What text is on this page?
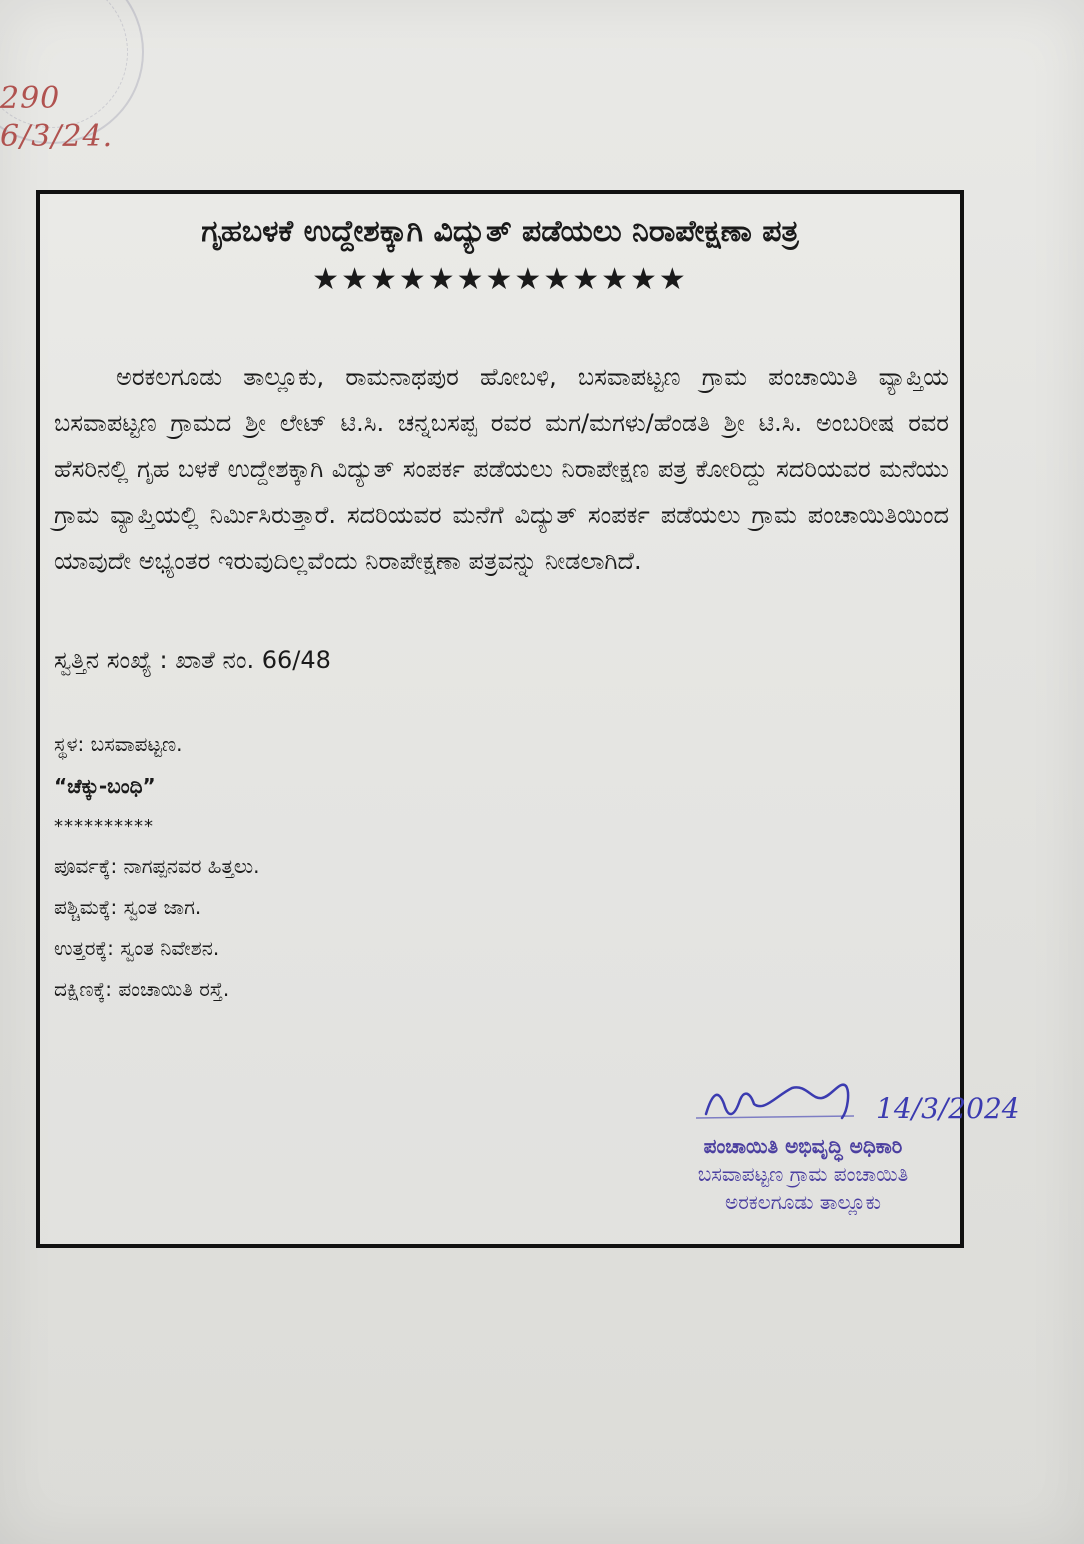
290
6/3/24.
ಗೃಹಬಳಕೆ ಉದ್ದೇಶಕ್ಕಾಗಿ ವಿದ್ಯುತ್ ಪಡೆಯಲು ನಿರಾಪೇಕ್ಷಣಾ ಪತ್ರ
★★★★★★★★★★★★★
ಅರಕಲಗೂಡು ತಾಲ್ಲೂಕು, ರಾಮನಾಥಪುರ ಹೋಬಳಿ, ಬಸವಾಪಟ್ಟಣ ಗ್ರಾಮ ಪಂಚಾಯಿತಿ ವ್ಯಾಪ್ತಿಯ ಬಸವಾಪಟ್ಟಣ ಗ್ರಾಮದ ಶ್ರೀ ಲೇಟ್ ಟಿ.ಸಿ. ಚನ್ನಬಸಪ್ಪ ರವರ ಮಗ/ಮಗಳು/ಹೆಂಡತಿ ಶ್ರೀ ಟಿ.ಸಿ. ಅಂಬರೀಷ ರವರ ಹೆಸರಿನಲ್ಲಿ ಗೃಹ ಬಳಕೆ ಉದ್ದೇಶಕ್ಕಾಗಿ ವಿದ್ಯುತ್ ಸಂಪರ್ಕ ಪಡೆಯಲು ನಿರಾಪೇಕ್ಷಣ ಪತ್ರ ಕೋರಿದ್ದು ಸದರಿಯವರ ಮನೆಯು ಗ್ರಾಮ ವ್ಯಾಪ್ತಿಯಲ್ಲಿ ನಿರ್ಮಿಸಿರುತ್ತಾರೆ. ಸದರಿಯವರ ಮನೆಗೆ ವಿದ್ಯುತ್ ಸಂಪರ್ಕ ಪಡೆಯಲು ಗ್ರಾಮ ಪಂಚಾಯಿತಿಯಿಂದ ಯಾವುದೇ ಅಭ್ಯಂತರ ಇರುವುದಿಲ್ಲವೆಂದು ನಿರಾಪೇಕ್ಷಣಾ ಪತ್ರವನ್ನು ನೀಡಲಾಗಿದೆ.
ಸ್ವತ್ತಿನ ಸಂಖ್ಯೆ : ಖಾತೆ ನಂ. 66/48
ಸ್ಥಳ: ಬಸವಾಪಟ್ಟಣ.
“ಚೆಕ್ಕು-ಬಂಧಿ”
**********
ಪೂರ್ವಕ್ಕೆ: ನಾಗಪ್ಪನವರ ಹಿತ್ತಲು.
ಪಶ್ಚಿಮಕ್ಕೆ: ಸ್ವಂತ ಜಾಗ.
ಉತ್ತರಕ್ಕೆ: ಸ್ವಂತ ನಿವೇಶನ.
ದಕ್ಷಿಣಕ್ಕೆ: ಪಂಚಾಯಿತಿ ರಸ್ತೆ.
14/3/2024
ಪಂಚಾಯಿತಿ ಅಭಿವೃದ್ಧಿ ಅಧಿಕಾರಿ
ಬಸವಾಪಟ್ಟಣ ಗ್ರಾಮ ಪಂಚಾಯಿತಿ
ಅರಕಲಗೂಡು ತಾಲ್ಲೂಕು
